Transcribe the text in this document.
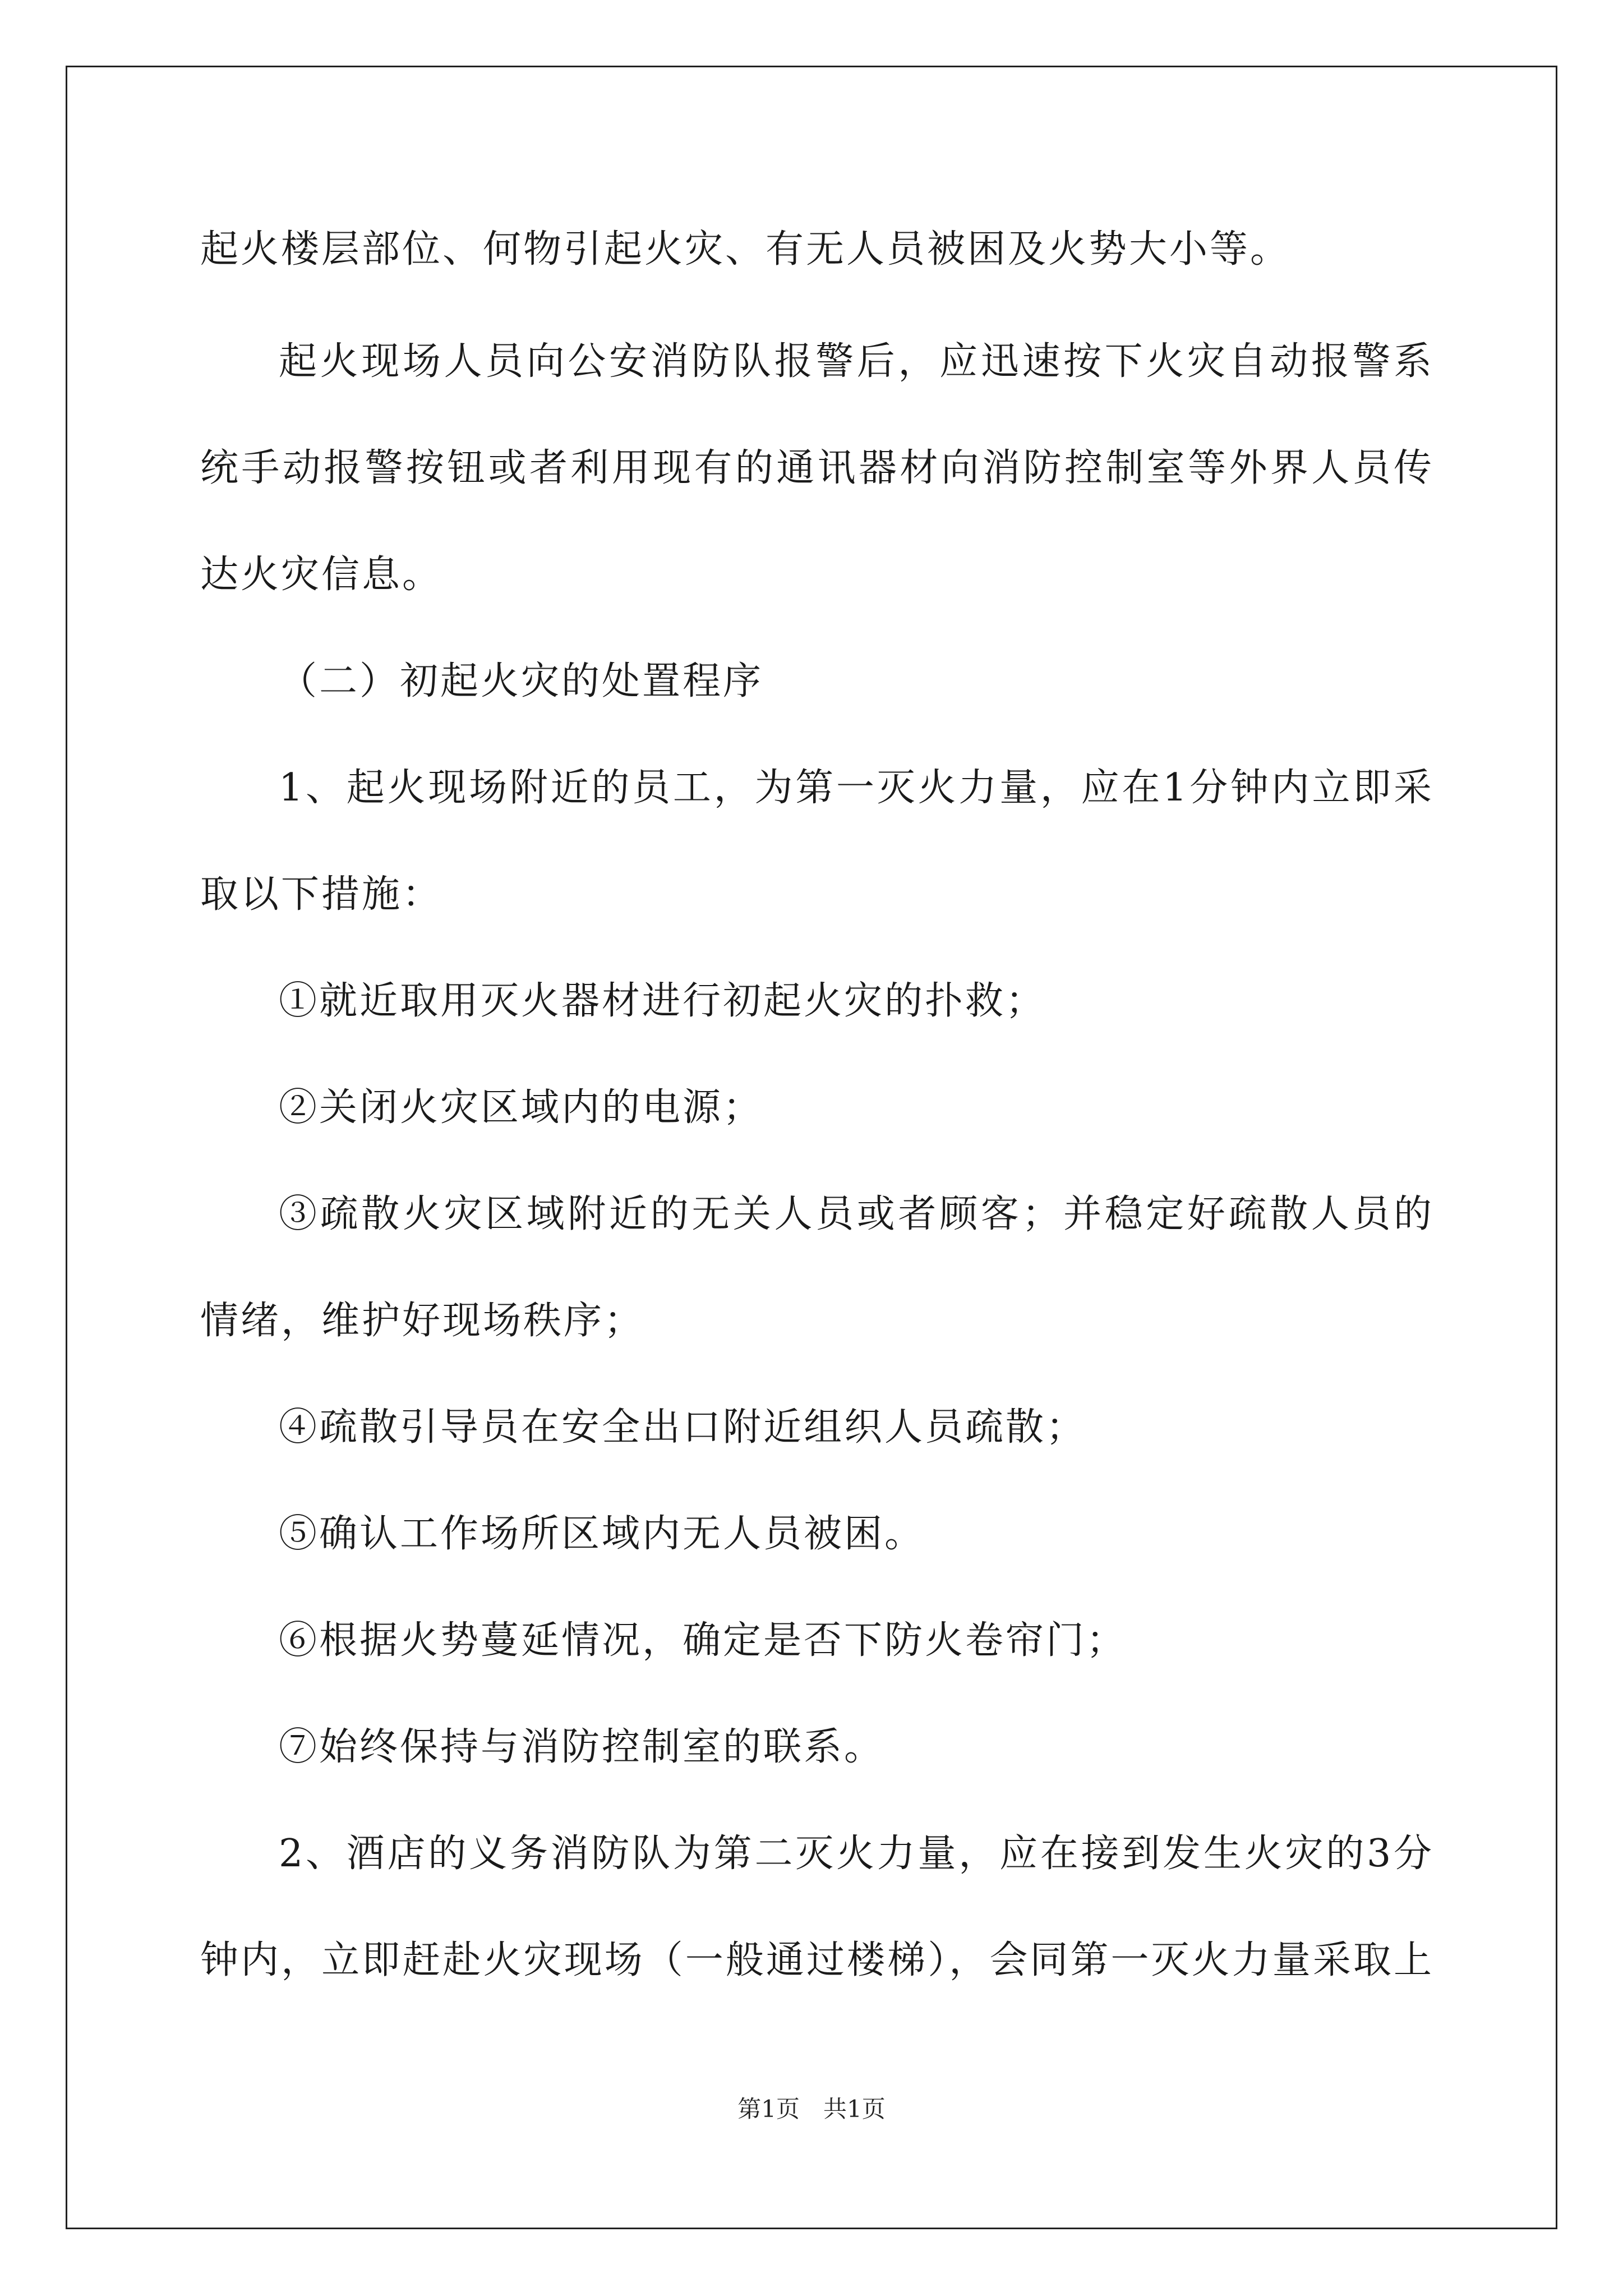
起火楼层部位、何物引起火灾、有无人员被困及火势大小等。
起火现场人员向公安消防队报警后，应迅速按下火灾自动报警系
统手动报警按钮或者利用现有的通讯器材向消防控制室等外界人员传
达火灾信息。
（二）初起火灾的处置程序
1、起火现场附近的员工，为第一灭火力量，应在1分钟内立即采
取以下措施：
①就近取用灭火器材进行初起火灾的扑救；
②关闭火灾区域内的电源；
③疏散火灾区域附近的无关人员或者顾客；并稳定好疏散人员的
情绪，维护好现场秩序；
④疏散引导员在安全出口附近组织人员疏散；
⑤确认工作场所区域内无人员被困。
⑥根据火势蔓延情况，确定是否下防火卷帘门；
⑦始终保持与消防控制室的联系。
2、酒店的义务消防队为第二灭火力量，应在接到发生火灾的3分
钟内，立即赶赴火灾现场（一般通过楼梯），会同第一灭火力量采取上
第1页　共1页
